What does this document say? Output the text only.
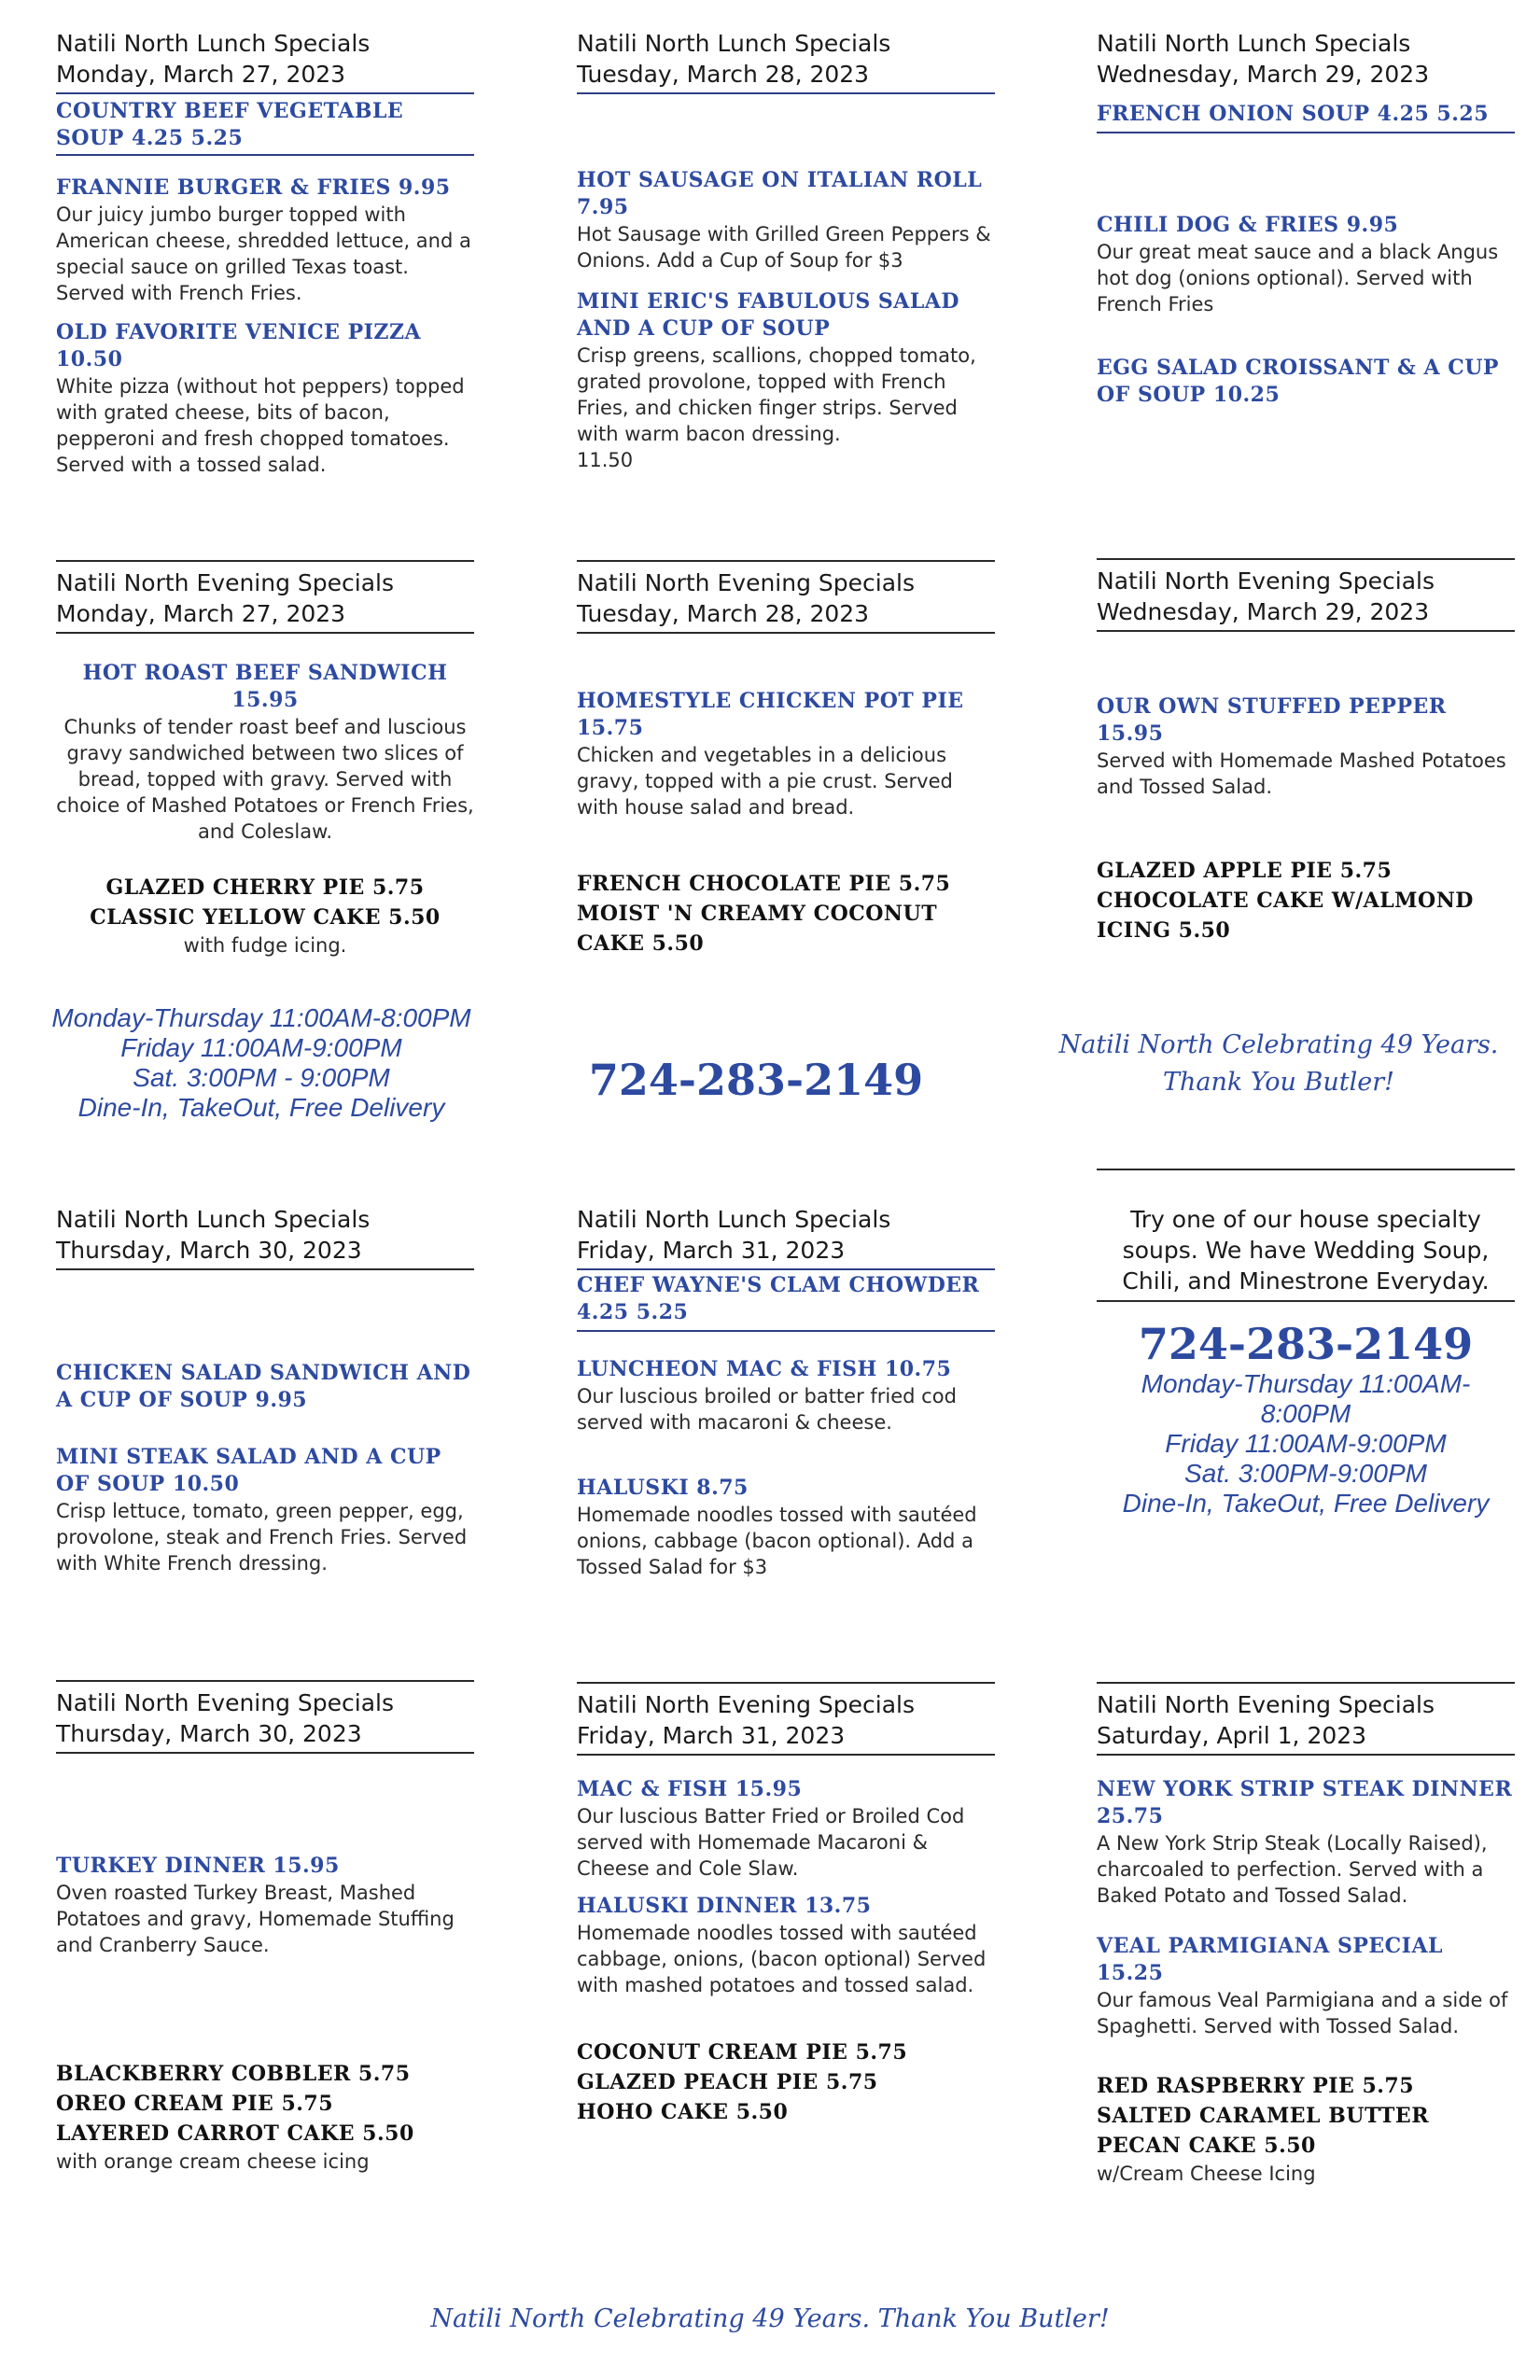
Natili North Lunch Specials
Monday, March 27, 2023
COUNTRY BEEF VEGETABLE SOUP 4.25 5.25
FRANNIE BURGER & FRIES 9.95
Our juicy jumbo burger topped with American cheese, shredded lettuce, and a special sauce on grilled Texas toast. Served with French Fries.
OLD FAVORITE VENICE PIZZA 10.50
White pizza (without hot peppers) topped with grated cheese, bits of bacon, pepperoni and fresh chopped tomatoes. Served with a tossed salad.
Natili North Lunch Specials
Tuesday, March 28, 2023
HOT SAUSAGE ON ITALIAN ROLL 7.95
Hot Sausage with Grilled Green Peppers & Onions. Add a Cup of Soup for $3
MINI ERIC'S FABULOUS SALAD AND A CUP OF SOUP
Crisp greens, scallions, chopped tomato, grated provolone, topped with French Fries, and chicken finger strips. Served with warm bacon dressing.
11.50
Natili North Lunch Specials
Wednesday, March 29, 2023
FRENCH ONION SOUP 4.25 5.25
CHILI DOG & FRIES 9.95
Our great meat sauce and a black Angus hot dog (onions optional). Served with French Fries
EGG SALAD CROISSANT & A CUP OF SOUP 10.25
Natili North Evening Specials
Monday, March 27, 2023
HOT ROAST BEEF SANDWICH
15.95
Chunks of tender roast beef and luscious gravy sandwiched between two slices of bread, topped with gravy. Served with choice of Mashed Potatoes or French Fries, and Coleslaw.
GLAZED CHERRY PIE 5.75
CLASSIC YELLOW CAKE 5.50
with fudge icing.
Natili North Evening Specials
Tuesday, March 28, 2023
HOMESTYLE CHICKEN POT PIE 15.75
Chicken and vegetables in a delicious gravy, topped with a pie crust. Served with house salad and bread.
FRENCH CHOCOLATE PIE 5.75
MOIST 'N CREAMY COCONUT CAKE 5.50
Natili North Evening Specials
Wednesday, March 29, 2023
OUR OWN STUFFED PEPPER 15.95
Served with Homemade Mashed Potatoes and Tossed Salad.
GLAZED APPLE PIE 5.75
CHOCOLATE CAKE W/ALMOND ICING 5.50
Monday-Thursday 11:00AM-8:00PM
Friday 11:00AM-9:00PM
Sat. 3:00PM - 9:00PM
Dine-In, TakeOut, Free Delivery
724-283-2149
Natili North Celebrating 49 Years.
Thank You Butler!
Natili North Lunch Specials
Thursday, March 30, 2023
CHICKEN SALAD SANDWICH AND A CUP OF SOUP 9.95
MINI STEAK SALAD AND A CUP OF SOUP 10.50
Crisp lettuce, tomato, green pepper, egg, provolone, steak and French Fries. Served with White French dressing.
Natili North Lunch Specials
Friday, March 31, 2023
CHEF WAYNE'S CLAM CHOWDER 4.25 5.25
LUNCHEON MAC & FISH 10.75
Our luscious broiled or batter fried cod served with macaroni & cheese.
HALUSKI 8.75
Homemade noodles tossed with sautéed onions, cabbage (bacon optional). Add a Tossed Salad for $3
Try one of our house specialty soups. We have Wedding Soup, Chili, and Minestrone Everyday.
724-283-2149
Monday-Thursday 11:00AM-8:00PM
Friday 11:00AM-9:00PM
Sat. 3:00PM-9:00PM
Dine-In, TakeOut, Free Delivery
Natili North Evening Specials
Thursday, March 30, 2023
TURKEY DINNER 15.95
Oven roasted Turkey Breast, Mashed Potatoes and gravy, Homemade Stuffing and Cranberry Sauce.
BLACKBERRY COBBLER 5.75
OREO CREAM PIE 5.75
LAYERED CARROT CAKE 5.50
with orange cream cheese icing
Natili North Evening Specials
Friday, March 31, 2023
MAC & FISH 15.95
Our luscious Batter Fried or Broiled Cod served with Homemade Macaroni & Cheese and Cole Slaw.
HALUSKI DINNER 13.75
Homemade noodles tossed with sautéed cabbage, onions, (bacon optional) Served with mashed potatoes and tossed salad.
COCONUT CREAM PIE 5.75
GLAZED PEACH PIE 5.75
HOHO CAKE 5.50
Natili North Evening Specials
Saturday, April 1, 2023
NEW YORK STRIP STEAK DINNER 25.75
A New York Strip Steak (Locally Raised), charcoaled to perfection. Served with a Baked Potato and Tossed Salad.
VEAL PARMIGIANA SPECIAL 15.25
Our famous Veal Parmigiana and a side of Spaghetti. Served with Tossed Salad.
RED RASPBERRY PIE 5.75
SALTED CARAMEL BUTTER PECAN CAKE 5.50
w/Cream Cheese Icing
Natili North Celebrating 49 Years. Thank You Butler!
